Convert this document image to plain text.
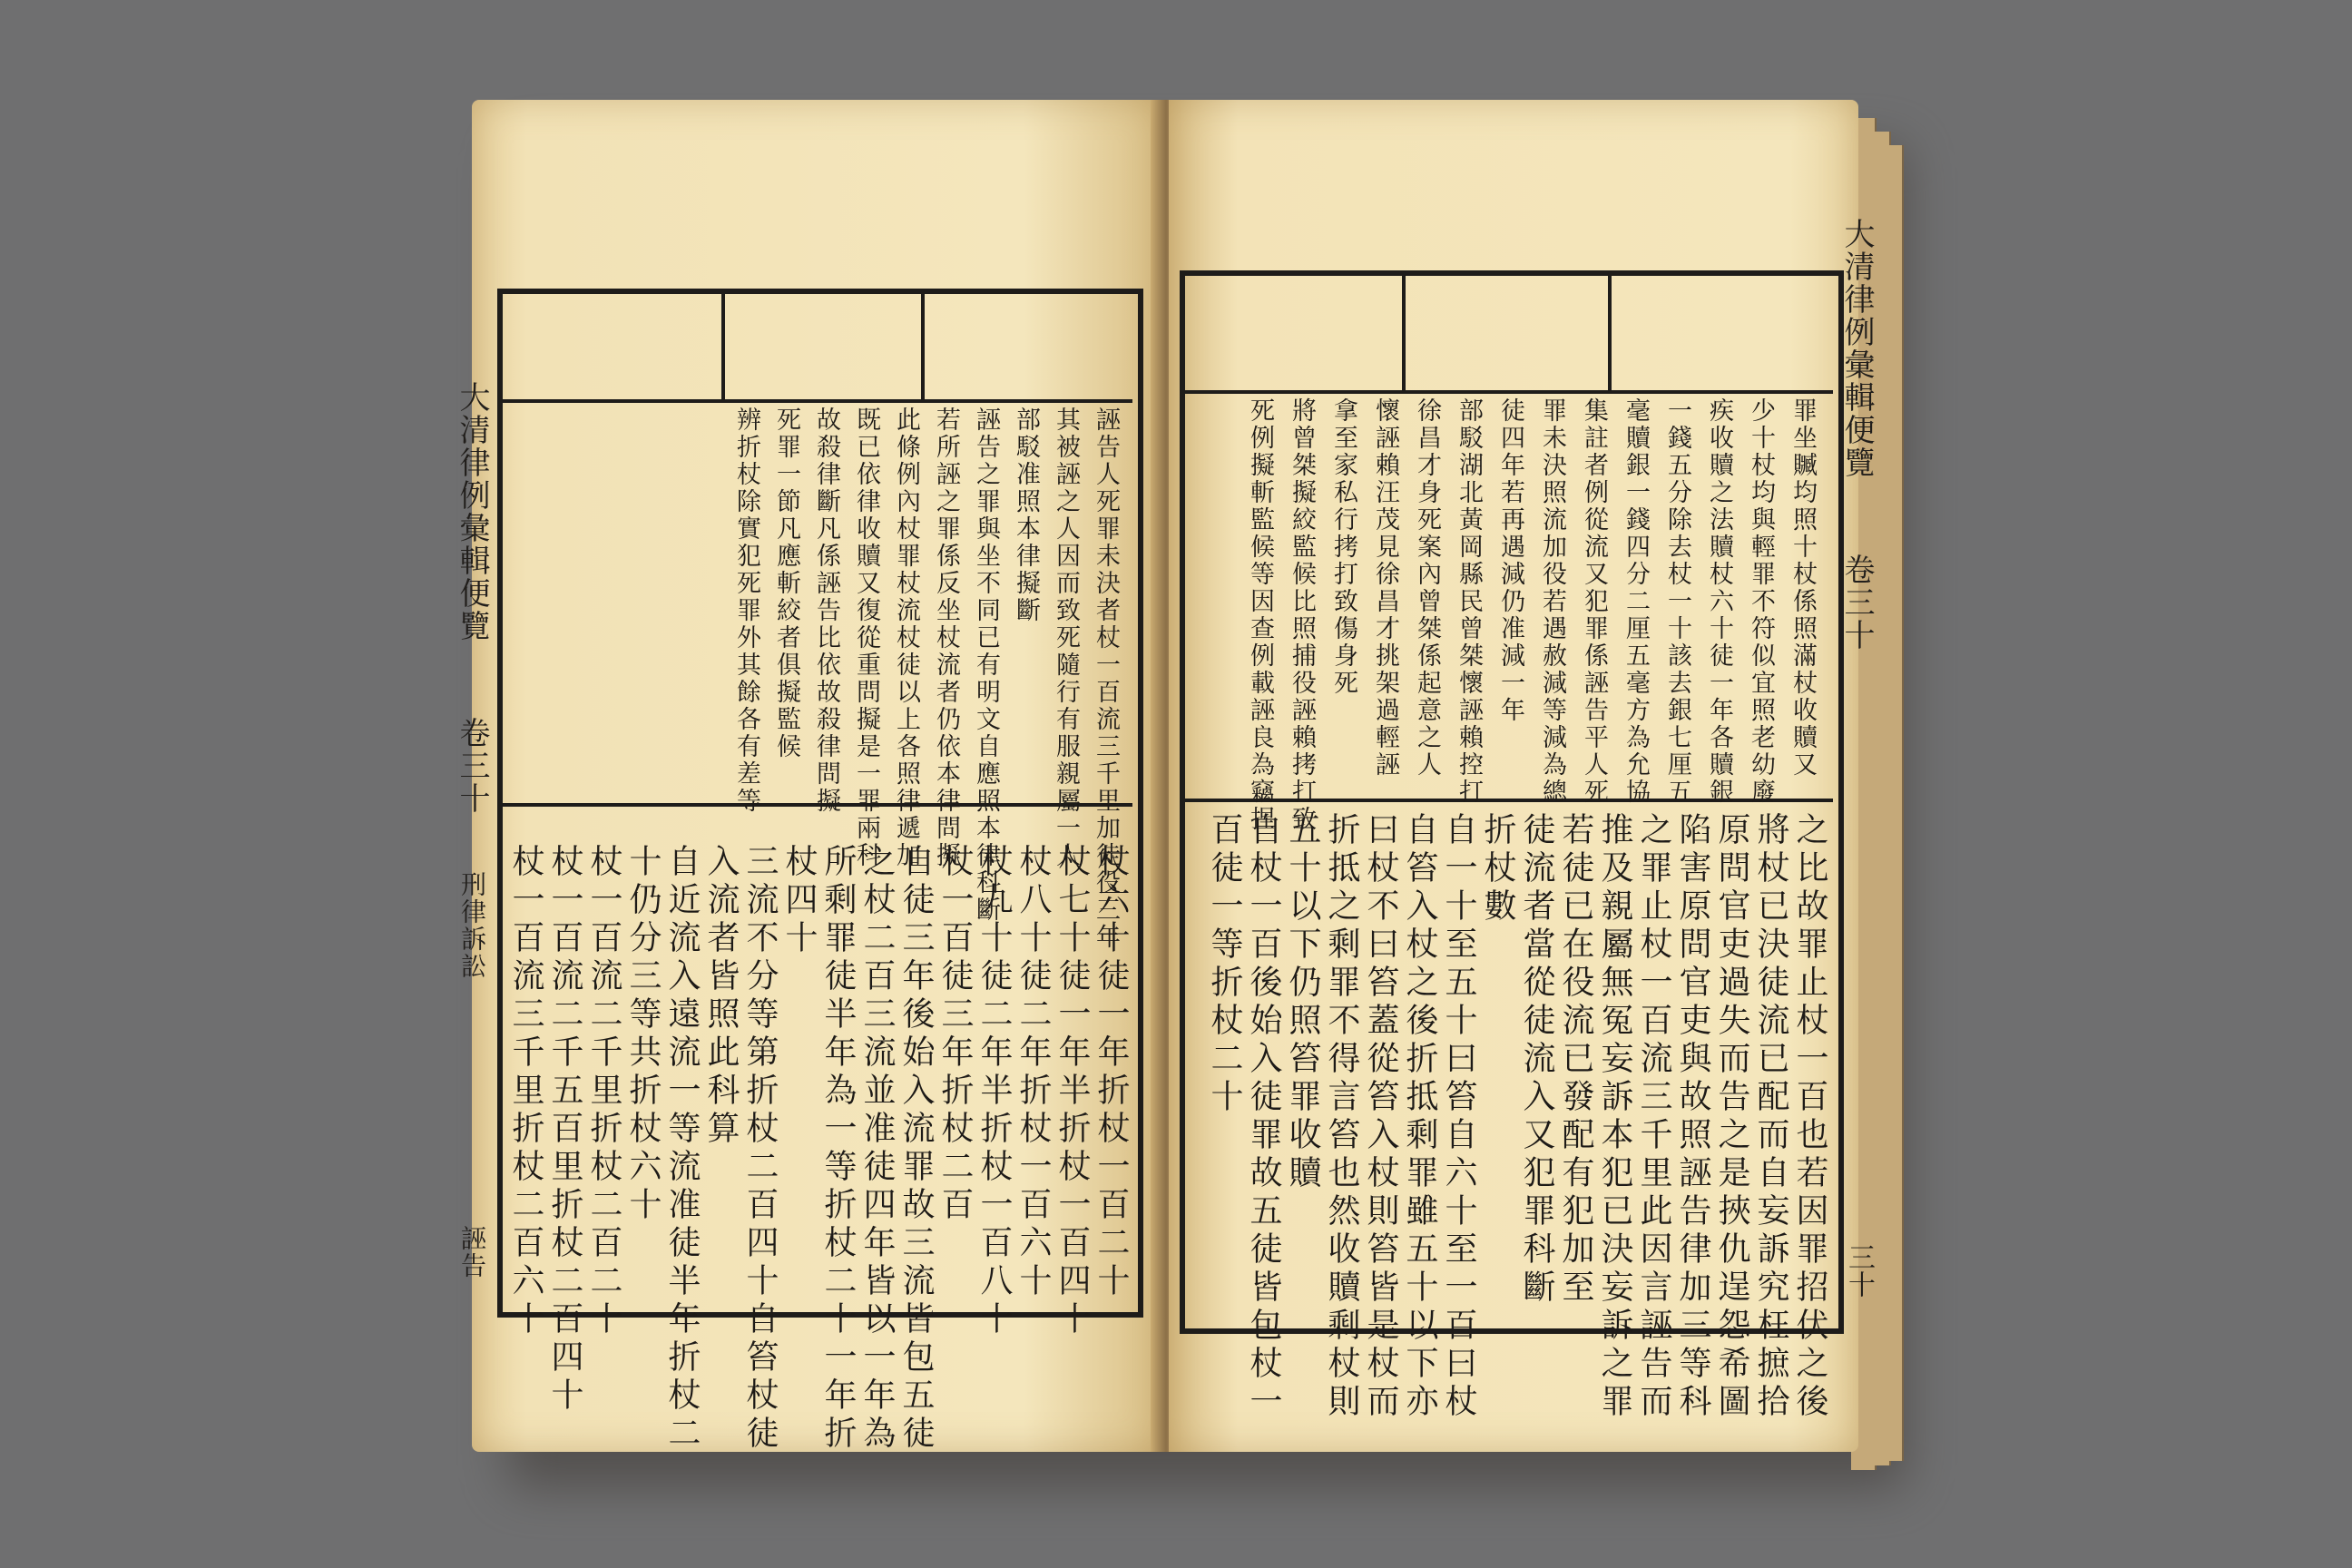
大清律例彙輯便覽
卷三十
刑律訴訟
誣告
誣告人死罪未決者杖一百流三千里加徒役三年
其被誣之人因而致死隨行有服親屬一人
部駁准照本律擬斷
誣告之罪與坐不同已有明文自應照本律科斷
若所誣之罪係反坐杖流者仍依本律問擬
此條例內杖罪杖流杖徒以上各照律遞加
既已依律收贖又復從重問擬是一罪兩科
故殺律斷凡係誣告比依故殺律問擬
死罪一節凡應斬絞者俱擬監候
辨折杖除實犯死罪外其餘各有差等
杖六十徒一年折杖一百二十
杖七十徒一年半折杖一百四十
杖八十徒二年折杖一百六十
杖九十徒二年半折杖一百八十
杖一百徒三年折杖二百
自徒三年後始入流罪故三流皆包五徒
之杖二百三流並准徒四年皆以一年為
所剩罪徒半年為一等折杖二十一年折
杖四十
三流不分等第折杖二百四十自笞杖徒
入流者皆照此科算
自近流入遠流一等流准徒半年折杖二
十仍分三等共折杖六十
杖一百流二千里折杖二百二十
杖一百流二千五百里折杖二百四十
杖一百流三千里折杖二百六十
大清律例彙輯便覽
卷三十
三十
罪坐贓均照十杖係照滿杖收贖又
少十杖均與輕罪不符似宜照老幼廢
疾收贖之法贖杖六十徒一年各贖銀
一錢五分除去杖一十該去銀七厘五
毫贖銀一錢四分二厘五毫方為允協
集註者例從流又犯罪係誣告平人死
罪未決照流加役若遇赦減等減為總
徒四年若再遇減仍准減一年
部駁湖北黃岡縣民曾桀懷誣賴控打
徐昌才身死案內曾桀係起意之人
懷誣賴汪茂見徐昌才挑架過輕誣
拿至家私行拷打致傷身死
將曾桀擬絞監候比照捕役誣賴拷打致
死例擬斬監候等因查例載誣良為竊捏
之比故罪止杖一百也若因罪招伏之後
將杖已決徒流已配而自妄訴究枉摭拾
原問官吏過失而告之是挾仇逞怨希圖
陷害原問官吏與故照誣告律加三等科
之罪止杖一百流三千里此因言誣告而
推及親屬無冤妄訴本犯已決妄訴之罪
若徒已在役流已發配有犯加至
徒流者當從徒流入又犯罪科斷
折杖數
自一十至五十曰笞自六十至一百曰杖
自笞入杖之後折抵剩罪雖五十以下亦
曰杖不曰笞蓋從笞入杖則笞皆是杖而
折抵之剩罪不得言笞也然收贖剩杖則
五十以下仍照笞罪收贖
自杖一百後始入徒罪故五徒皆包杖一
百徒一等折杖二十
